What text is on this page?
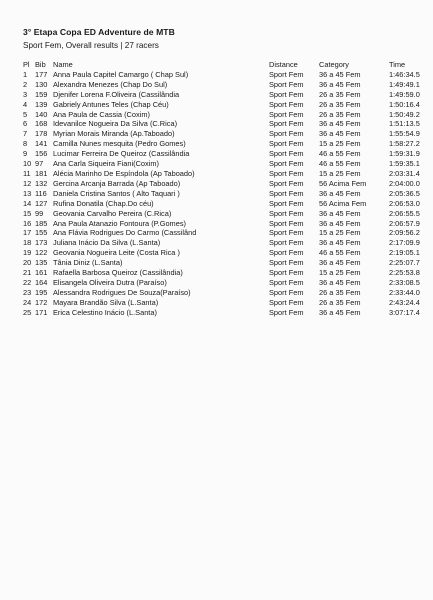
3° Etapa Copa ED Adventure de MTB
Sport Fem, Overall results | 27 racers
Pl	Bib	Name	Distance	Category	Time
1	177	Anna Paula Capitel Camargo ( Chap Sul)	Sport Fem	36 a 45 Fem	1:46:34.5
2	130	Alexandra Menezes (Chap Do Sul)	Sport Fem	36 a 45 Fem	1:49:49.1
3	159	Djenifer Lorena F.Oliveira (Cassilândia	Sport Fem	26 a 35 Fem	1:49:59.0
4	139	Gabriely Antunes Teles (Chap Céu)	Sport Fem	26 a 35 Fem	1:50:16.4
5	140	Ana Paula de Cassia (Coxim)	Sport Fem	26 a 35 Fem	1:50:49.2
6	168	Idevanilce Nogueira Da Silva (C.Rica)	Sport Fem	36 a 45 Fem	1:51:13.5
7	178	Myrian Morais Miranda (Ap.Taboado)	Sport Fem	36 a 45 Fem	1:55:54.9
8	141	Camilla Nunes mesquita (Pedro Gomes)	Sport Fem	15 a 25 Fem	1:58:27.2
9	156	Lucimar Ferreira De Queiroz (Cassilândia	Sport Fem	46 a 55 Fem	1:59:31.9
10	97	Ana Carla Siqueira Fiani(Coxim)	Sport Fem	46 a 55 Fem	1:59:35.1
11	181	Alécia Marinho De Espíndola (Ap Taboado)	Sport Fem	15 a 25 Fem	2:03:31.4
12	132	Gercina Arcanja Barrada (Ap Taboado)	Sport Fem	56 Acima Fem	2:04:00.0
13	116	Daniela Cristina Santos ( Alto Taquari )	Sport Fem	36 a 45 Fem	2:05:36.5
14	127	Rufina Donatila (Chap.Do céu)	Sport Fem	56 Acima Fem	2:06:53.0
15	99	Geovania Carvalho Pereira (C.Rica)	Sport Fem	36 a 45 Fem	2:06:55.5
16	185	Ana Paula Atanazio Fontoura (P.Gomes)	Sport Fem	36 a 45 Fem	2:06:57.9
17	155	Ana Flávia Rodrigues Do Carmo (Cassilând	Sport Fem	15 a 25 Fem	2:09:56.2
18	173	Juliana Inácio Da Silva (L.Santa)	Sport Fem	36 a 45 Fem	2:17:09.9
19	122	Geovania Nogueira Leite (Costa Rica )	Sport Fem	46 a 55 Fem	2:19:05.1
20	135	Tânia Diniz (L.Santa)	Sport Fem	36 a 45 Fem	2:25:07.7
21	161	Rafaella Barbosa Queiroz (Cassilândia)	Sport Fem	15 a 25 Fem	2:25:53.8
22	164	Elisangela Oliveira Dutra (Paraíso)	Sport Fem	36 a 45 Fem	2:33:08.5
23	195	Alessandra Rodrigues De Souza(Paraíso)	Sport Fem	26 a 35 Fem	2:33:44.0
24	172	Mayara Brandão Silva (L.Santa)	Sport Fem	26 a 35 Fem	2:43:24.4
25	171	Erica Celestino Inácio (L.Santa)	Sport Fem	36 a 45 Fem	3:07:17.4
